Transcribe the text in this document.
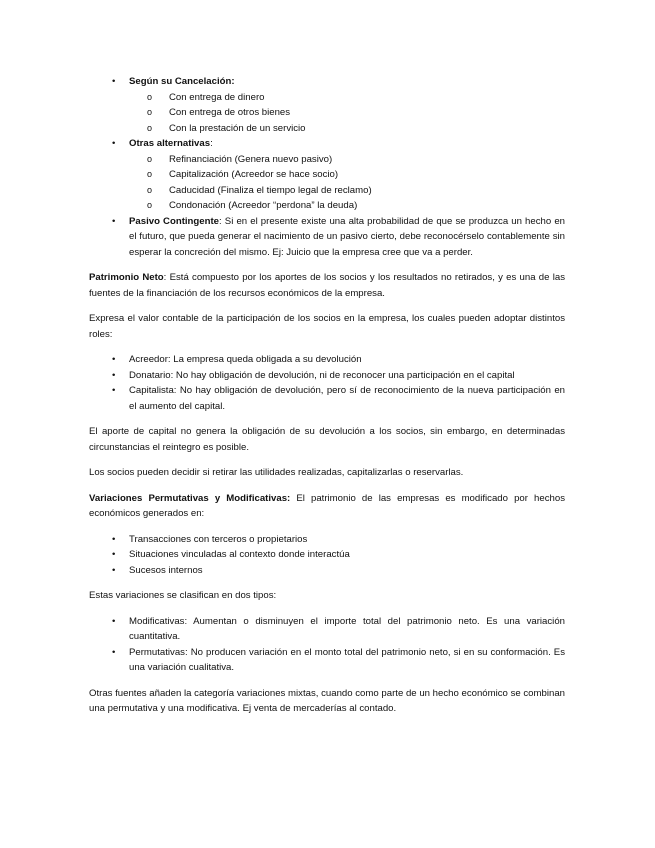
• Según su Cancelación:

o Con entrega de dinero

o Con entrega de otros bienes

o Con la prestación de un servicio

• Otras alternativas:

o Refinanciación (Genera nuevo pasivo)

o Capitalización (Acreedor se hace socio)

o Caducidad (Finaliza el tiempo legal de reclamo)

o Condonación (Acreedor “perdona” la deuda)

• Pasivo Contingente: Si en el presente existe una alta probabilidad de que se produzca un hecho en el futuro, que pueda generar el nacimiento de un pasivo cierto, debe reconocérselo contablemente sin esperar la concreción del mismo. Ej: Juicio que la empresa cree que va a perder.

Patrimonio Neto: Está compuesto por los aportes de los socios y los resultados no retirados, y es una de las fuentes de la financiación de los recursos económicos de la empresa.

Expresa el valor contable de la participación de los socios en la empresa, los cuales pueden adoptar distintos roles:

• Acreedor: La empresa queda obligada a su devolución

• Donatario: No hay obligación de devolución, ni de reconocer una participación en el capital

• Capitalista: No hay obligación de devolución, pero sí de reconocimiento de la nueva participación en el aumento del capital.

El aporte de capital no genera la obligación de su devolución a los socios, sin embargo, en determinadas circunstancias el reintegro es posible.

Los socios pueden decidir si retirar las utilidades realizadas, capitalizarlas o reservarlas.

Variaciones Permutativas y Modificativas: El patrimonio de las empresas es modificado por hechos económicos generados en:

• Transacciones con terceros o propietarios

• Situaciones vinculadas al contexto donde interactúa

• Sucesos internos

Estas variaciones se clasifican en dos tipos:

• Modificativas: Aumentan o disminuyen el importe total del patrimonio neto. Es una variación cuantitativa.

• Permutativas: No producen variación en el monto total del patrimonio neto, si en su conformación. Es una variación cualitativa.

Otras fuentes añaden la categoría variaciones mixtas, cuando como parte de un hecho económico se combinan una permutativa y una modificativa. Ej venta de mercaderías al contado.
